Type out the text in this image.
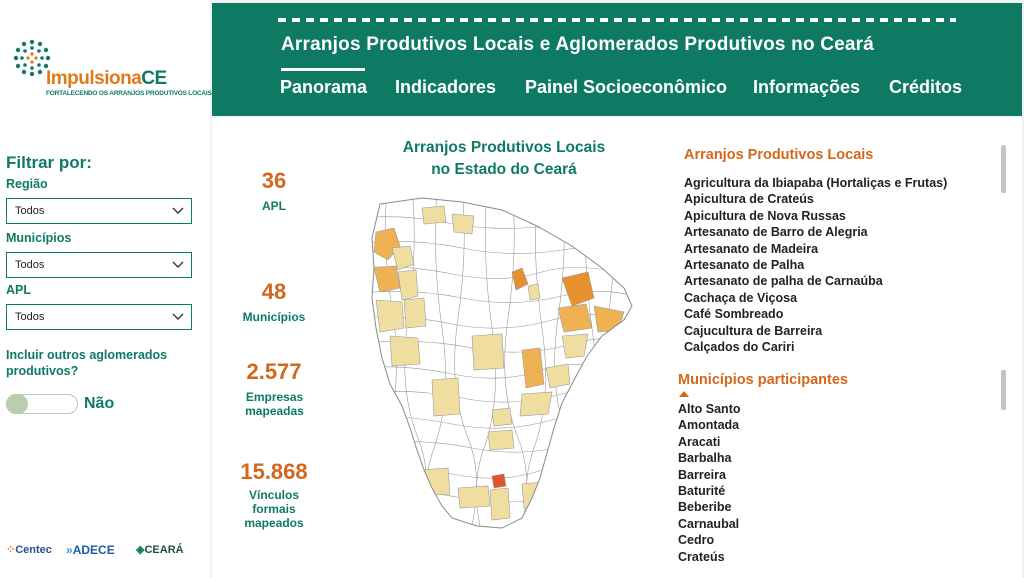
ImpulsionaCE
FORTALECENDO OS ARRANJOS PRODUTIVOS LOCAIS
Filtrar por:
Região
Todos
Municípios
Todos
APL
Todos
Incluir outros aglomerados produtivos?
Não
⁘Centec »ADECE ◈CEARÁ
Arranjos Produtivos Locais e Aglomerados Produtivos no Ceará
Panorama Indicadores Painel Socioeconômico Informações Créditos
36
APL
48
Municípios
2.577
Empresas mapeadas
15.868
Vínculos formais mapeados
Arranjos Produtivos Locais
no Estado do Ceará
Arranjos Produtivos Locais
Agricultura da Ibiapaba (Hortaliças e Frutas)
Apicultura de Crateús
Apicultura de Nova Russas
Artesanato de Barro de Alegria
Artesanato de Madeira
Artesanato de Palha
Artesanato de palha de Carnaúba
Cachaça de Viçosa
Café Sombreado
Cajucultura de Barreira
Calçados do Cariri
Municípios participantes
Alto Santo
Amontada
Aracati
Barbalha
Barreira
Baturité
Beberibe
Carnaubal
Cedro
Crateús
